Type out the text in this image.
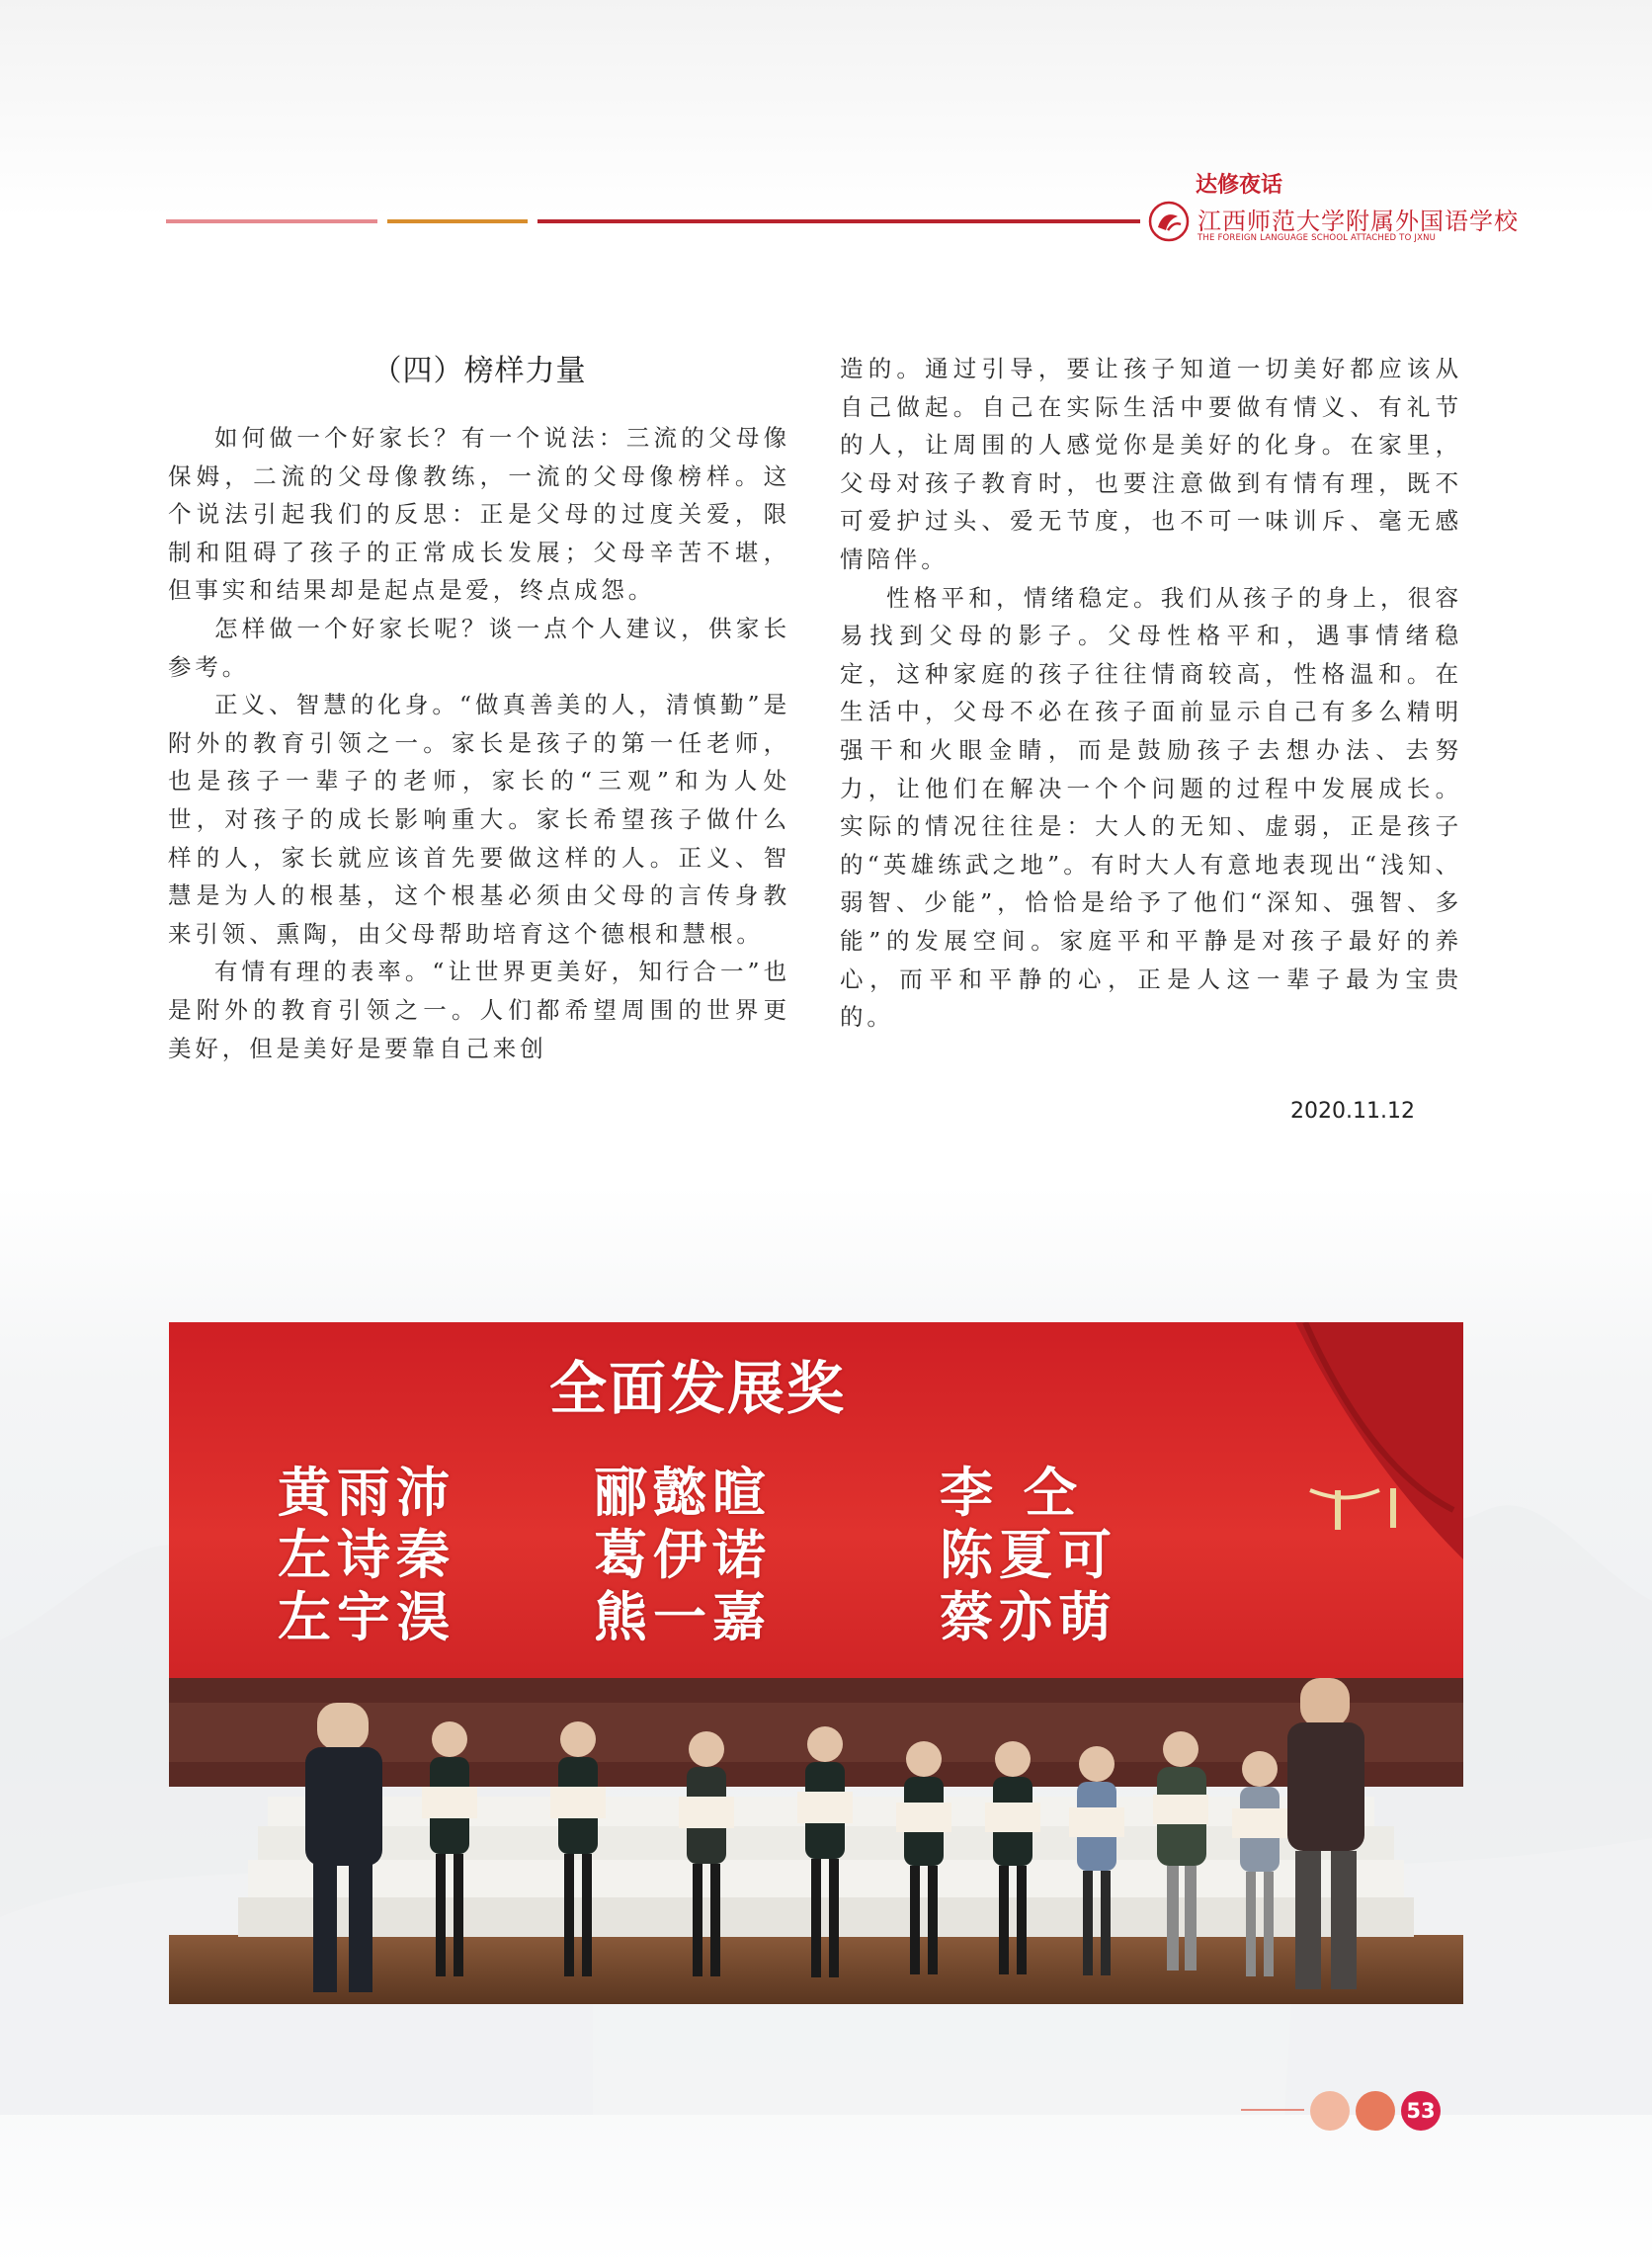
达修夜话
江西师范大学附属外国语学校
THE FOREIGN LANGUAGE SCHOOL ATTACHED TO JXNU
（四）榜样力量

如何做一个好家长？有一个说法：三流的父母像保姆，二流的父母像教练，一流的父母像榜样。这个说法引起我们的反思：正是父母的过度关爱，限制和阻碍了孩子的正常成长发展；父母辛苦不堪，但事实和结果却是起点是爱，终点成怨。

怎样做一个好家长呢？谈一点个人建议，供家长参考。

正义、智慧的化身。“做真善美的人，清慎勤”是附外的教育引领之一。家长是孩子的第一任老师，也是孩子一辈子的老师，家长的“三观”和为人处世，对孩子的成长影响重大。家长希望孩子做什么样的人，家长就应该首先要做这样的人。正义、智慧是为人的根基，这个根基必须由父母的言传身教来引领、熏陶，由父母帮助培育这个德根和慧根。

有情有理的表率。“让世界更美好，知行合一”也是附外的教育引领之一。人们都希望周围的世界更美好，但是美好是要靠自己来创

造的。通过引导，要让孩子知道一切美好都应该从自己做起。自己在实际生活中要做有情义、有礼节的人，让周围的人感觉你是美好的化身。在家里，父母对孩子教育时，也要注意做到有情有理，既不可爱护过头、爱无节度，也不可一味训斥、毫无感情陪伴。

性格平和，情绪稳定。我们从孩子的身上，很容易找到父母的影子。父母性格平和，遇事情绪稳定，这种家庭的孩子往往情商较高，性格温和。在生活中，父母不必在孩子面前显示自己有多么精明强干和火眼金睛，而是鼓励孩子去想办法、去努力，让他们在解决一个个问题的过程中发展成长。实际的情况往往是：大人的无知、虚弱，正是孩子的“英雄练武之地”。有时大人有意地表现出“浅知、弱智、少能”，恰恰是给予了他们“深知、强智、多能”的发展空间。家庭平和平静是对孩子最好的养心，而平和平静的心，正是人这一辈子最为宝贵的。

2020.11.12
全面发展奖
黄雨沛	郦懿暄	李 仝
左诗秦	葛伊诺	陈夏可
左宇淏	熊一嘉	蔡亦萌
53
